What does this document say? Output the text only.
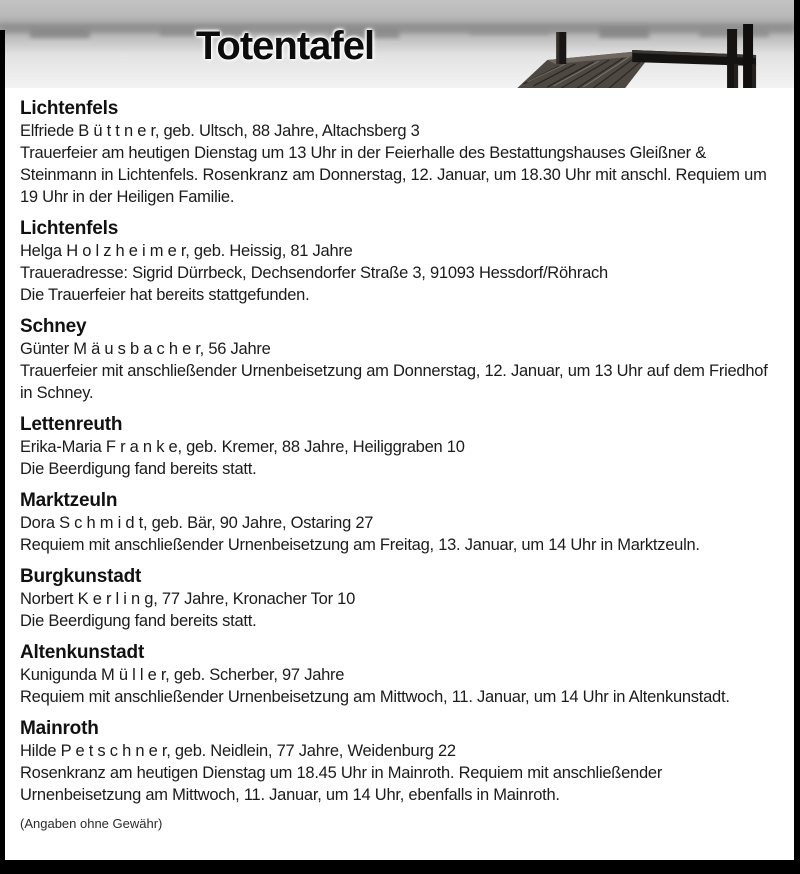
Totentafel
Lichtenfels

Elfriede B ü t t n e r, geb. Ultsch, 88 Jahre, Altachsberg 3

Trauerfeier am heutigen Dienstag um 13 Uhr in der Feierhalle des Bestattungshauses Gleißner & Steinmann in Lichtenfels. Rosenkranz am Donnerstag, 12. Januar, um 18.30 Uhr mit anschl. Requiem um 19 Uhr in der Heiligen Familie.

Lichtenfels

Helga H o l z h e i m e r, geb. Heissig, 81 Jahre

Traueradresse: Sigrid Dürrbeck, Dechsendorfer Straße 3, 91093 Hessdorf/Röhrach

Die Trauerfeier hat bereits stattgefunden.

Schney

Günter M ä u s b a c h e r, 56 Jahre

Trauerfeier mit anschließender Urnenbeisetzung am Donnerstag, 12. Januar, um 13 Uhr auf dem Friedhof in Schney.

Lettenreuth

Erika-Maria F r a n k e, geb. Kremer, 88 Jahre, Heiliggraben 10

Die Beerdigung fand bereits statt.

Marktzeuln

Dora S c h m i d t, geb. Bär, 90 Jahre, Ostaring 27

Requiem mit anschließender Urnenbeisetzung am Freitag, 13. Januar, um 14 Uhr in Marktzeuln.

Burgkunstadt

Norbert K e r l i n g, 77 Jahre, Kronacher Tor 10

Die Beerdigung fand bereits statt.

Altenkunstadt

Kunigunda M ü l l e r, geb. Scherber, 97 Jahre

Requiem mit anschließender Urnenbeisetzung am Mittwoch, 11. Januar, um 14 Uhr in Altenkunstadt.

Mainroth

Hilde P e t s c h n e r, geb. Neidlein, 77 Jahre, Weidenburg 22

Rosenkranz am heutigen Dienstag um 18.45 Uhr in Mainroth. Requiem mit anschließender Urnenbeisetzung am Mittwoch, 11. Januar, um 14 Uhr, ebenfalls in Mainroth.

(Angaben ohne Gewähr)
